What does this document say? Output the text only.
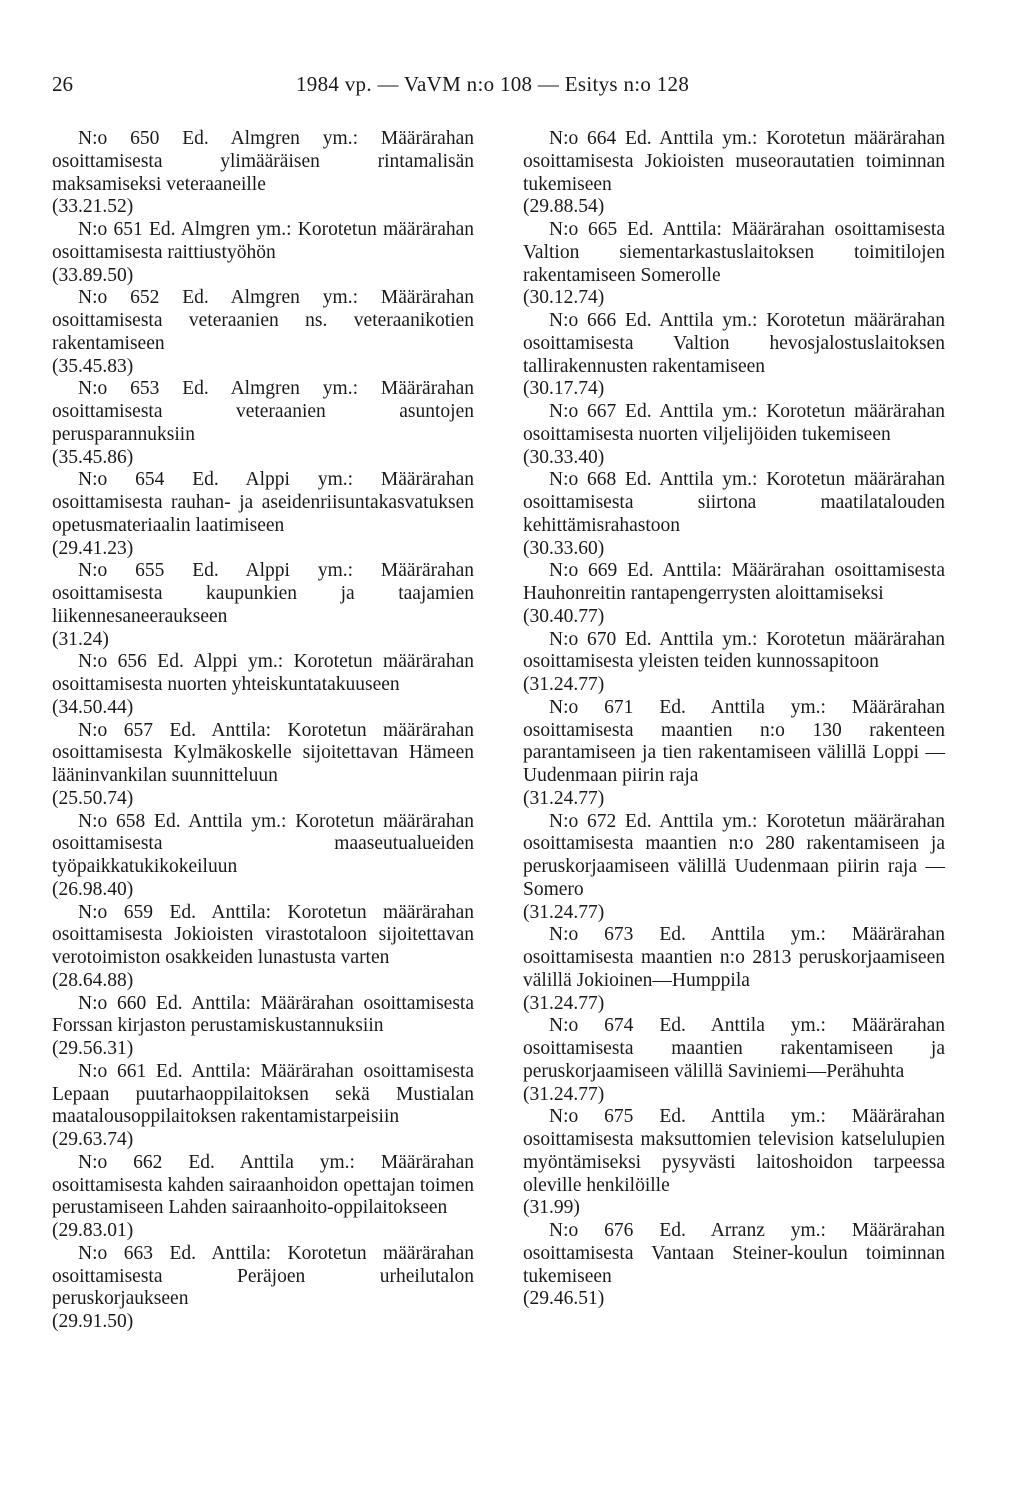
26	1984 vp. — VaVM n:o 108 — Esitys n:o 128
N:o 650 Ed. Almgren ym.: Määrärahan osoittamisesta ylimääräisen rintamalisän maksamiseksi veteraaneille
(33.21.52)
N:o 651 Ed. Almgren ym.: Korotetun määrärahan osoittamisesta raittiustyöhön
(33.89.50)
N:o 652 Ed. Almgren ym.: Määrärahan osoittamisesta veteraanien ns. veteraanikotien rakentamiseen
(35.45.83)
N:o 653 Ed. Almgren ym.: Määrärahan osoittamisesta veteraanien asuntojen perusparannuksiin
(35.45.86)
N:o 654 Ed. Alppi ym.: Määrärahan osoittamisesta rauhan- ja aseidenriisuntakasvatuksen opetusmateriaalin laatimiseen
(29.41.23)
N:o 655 Ed. Alppi ym.: Määrärahan osoittamisesta kaupunkien ja taajamien liikennesaneeraukseen
(31.24)
N:o 656 Ed. Alppi ym.: Korotetun määrärahan osoittamisesta nuorten yhteiskuntatakuuseen
(34.50.44)
N:o 657 Ed. Anttila: Korotetun määrärahan osoittamisesta Kylmäkoskelle sijoitettavan Hämeen lääninvankilan suunnitteluun
(25.50.74)
N:o 658 Ed. Anttila ym.: Korotetun määrärahan osoittamisesta maaseutualueiden työpaikkatukikokeiluun
(26.98.40)
N:o 659 Ed. Anttila: Korotetun määrärahan osoittamisesta Jokioisten virastotaloon sijoitettavan verotoimiston osakkeiden lunastusta varten
(28.64.88)
N:o 660 Ed. Anttila: Määrärahan osoittamisesta Forssan kirjaston perustamiskustannuksiin
(29.56.31)
N:o 661 Ed. Anttila: Määrärahan osoittamisesta Lepaan puutarhaoppilaitoksen sekä Mustialan maatalousoppilaitoksen rakentamistarpeisiin
(29.63.74)
N:o 662 Ed. Anttila ym.: Määrärahan osoittamisesta kahden sairaanhoidon opettajan toimen perustamiseen Lahden sairaanhoito-oppilaitokseen
(29.83.01)
N:o 663 Ed. Anttila: Korotetun määrärahan osoittamisesta Peräjoen urheilutalon peruskorjaukseen
(29.91.50)
N:o 664 Ed. Anttila ym.: Korotetun määrärahan osoittamisesta Jokioisten museorautatien toiminnan tukemiseen
(29.88.54)
N:o 665 Ed. Anttila: Määrärahan osoittamisesta Valtion siementarkastuslaitoksen toimitilojen rakentamiseen Somerolle
(30.12.74)
N:o 666 Ed. Anttila ym.: Korotetun määrärahan osoittamisesta Valtion hevosjalostuslaitoksen tallirakennusten rakentamiseen
(30.17.74)
N:o 667 Ed. Anttila ym.: Korotetun määrärahan osoittamisesta nuorten viljelijöiden tukemiseen
(30.33.40)
N:o 668 Ed. Anttila ym.: Korotetun määrärahan osoittamisesta siirtona maatilatalouden kehittämisrahastoon
(30.33.60)
N:o 669 Ed. Anttila: Määrärahan osoittamisesta Hauhonreitin rantapengerrysten aloittamiseksi
(30.40.77)
N:o 670 Ed. Anttila ym.: Korotetun määrärahan osoittamisesta yleisten teiden kunnossapitoon
(31.24.77)
N:o 671 Ed. Anttila ym.: Määrärahan osoittamisesta maantien n:o 130 rakenteen parantamiseen ja tien rakentamiseen välillä Loppi — Uudenmaan piirin raja
(31.24.77)
N:o 672 Ed. Anttila ym.: Korotetun määrärahan osoittamisesta maantien n:o 280 rakentamiseen ja peruskorjaamiseen välillä Uudenmaan piirin raja — Somero
(31.24.77)
N:o 673 Ed. Anttila ym.: Määrärahan osoittamisesta maantien n:o 2813 peruskorjaamiseen välillä Jokioinen—Humppila
(31.24.77)
N:o 674 Ed. Anttila ym.: Määrärahan osoittamisesta maantien rakentamiseen ja peruskorjaamiseen välillä Saviniemi—Perähuhta
(31.24.77)
N:o 675 Ed. Anttila ym.: Määrärahan osoittamisesta maksuttomien television katselulupien myöntämiseksi pysyvästi laitoshoidon tarpeessa oleville henkilöille
(31.99)
N:o 676 Ed. Arranz ym.: Määrärahan osoittamisesta Vantaan Steiner-koulun toiminnan tukemiseen
(29.46.51)
